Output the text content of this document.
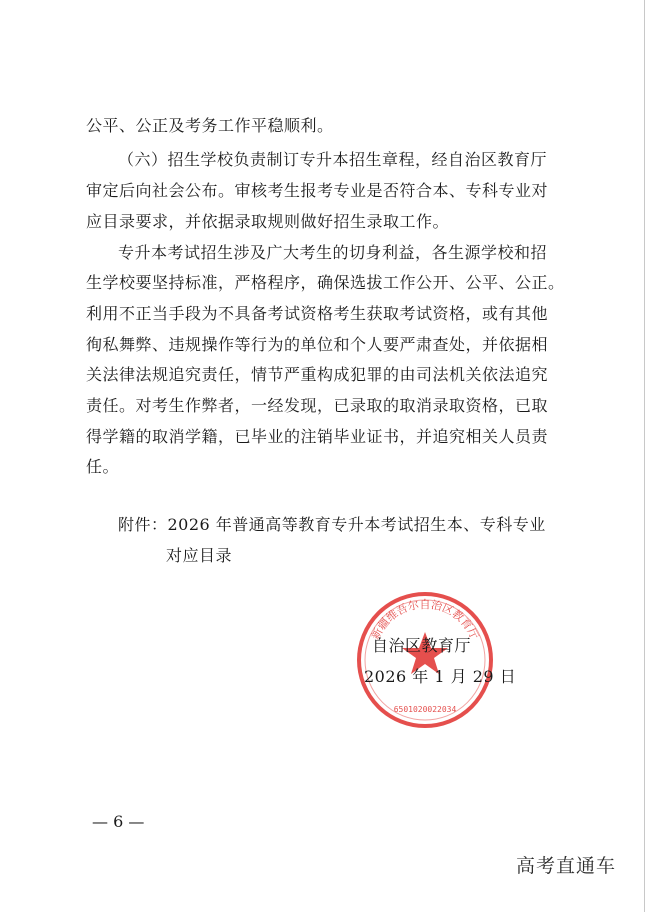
公平、公正及考务工作平稳顺利。
（六）招生学校负责制订专升本招生章程，经自治区教育厅
审定后向社会公布。审核考生报考专业是否符合本、专科专业对
应目录要求，并依据录取规则做好招生录取工作。
专升本考试招生涉及广大考生的切身利益，各生源学校和招
生学校要坚持标准，严格程序，确保选拔工作公开、公平、公正。
利用不正当手段为不具备考试资格考生获取考试资格，或有其他
徇私舞弊、违规操作等行为的单位和个人要严肃查处，并依据相
关法律法规追究责任，情节严重构成犯罪的由司法机关依法追究
责任。对考生作弊者，一经发现，已录取的取消录取资格，已取
得学籍的取消学籍，已毕业的注销毕业证书，并追究相关人员责
任。
附件：2026 年普通高等教育专升本考试招生本、专科专业
对应目录
新疆维吾尔自治区教育厅
6501020022034
自治区教育厅
2026 年 1 月 29 日
— 6 —
高考直通车
